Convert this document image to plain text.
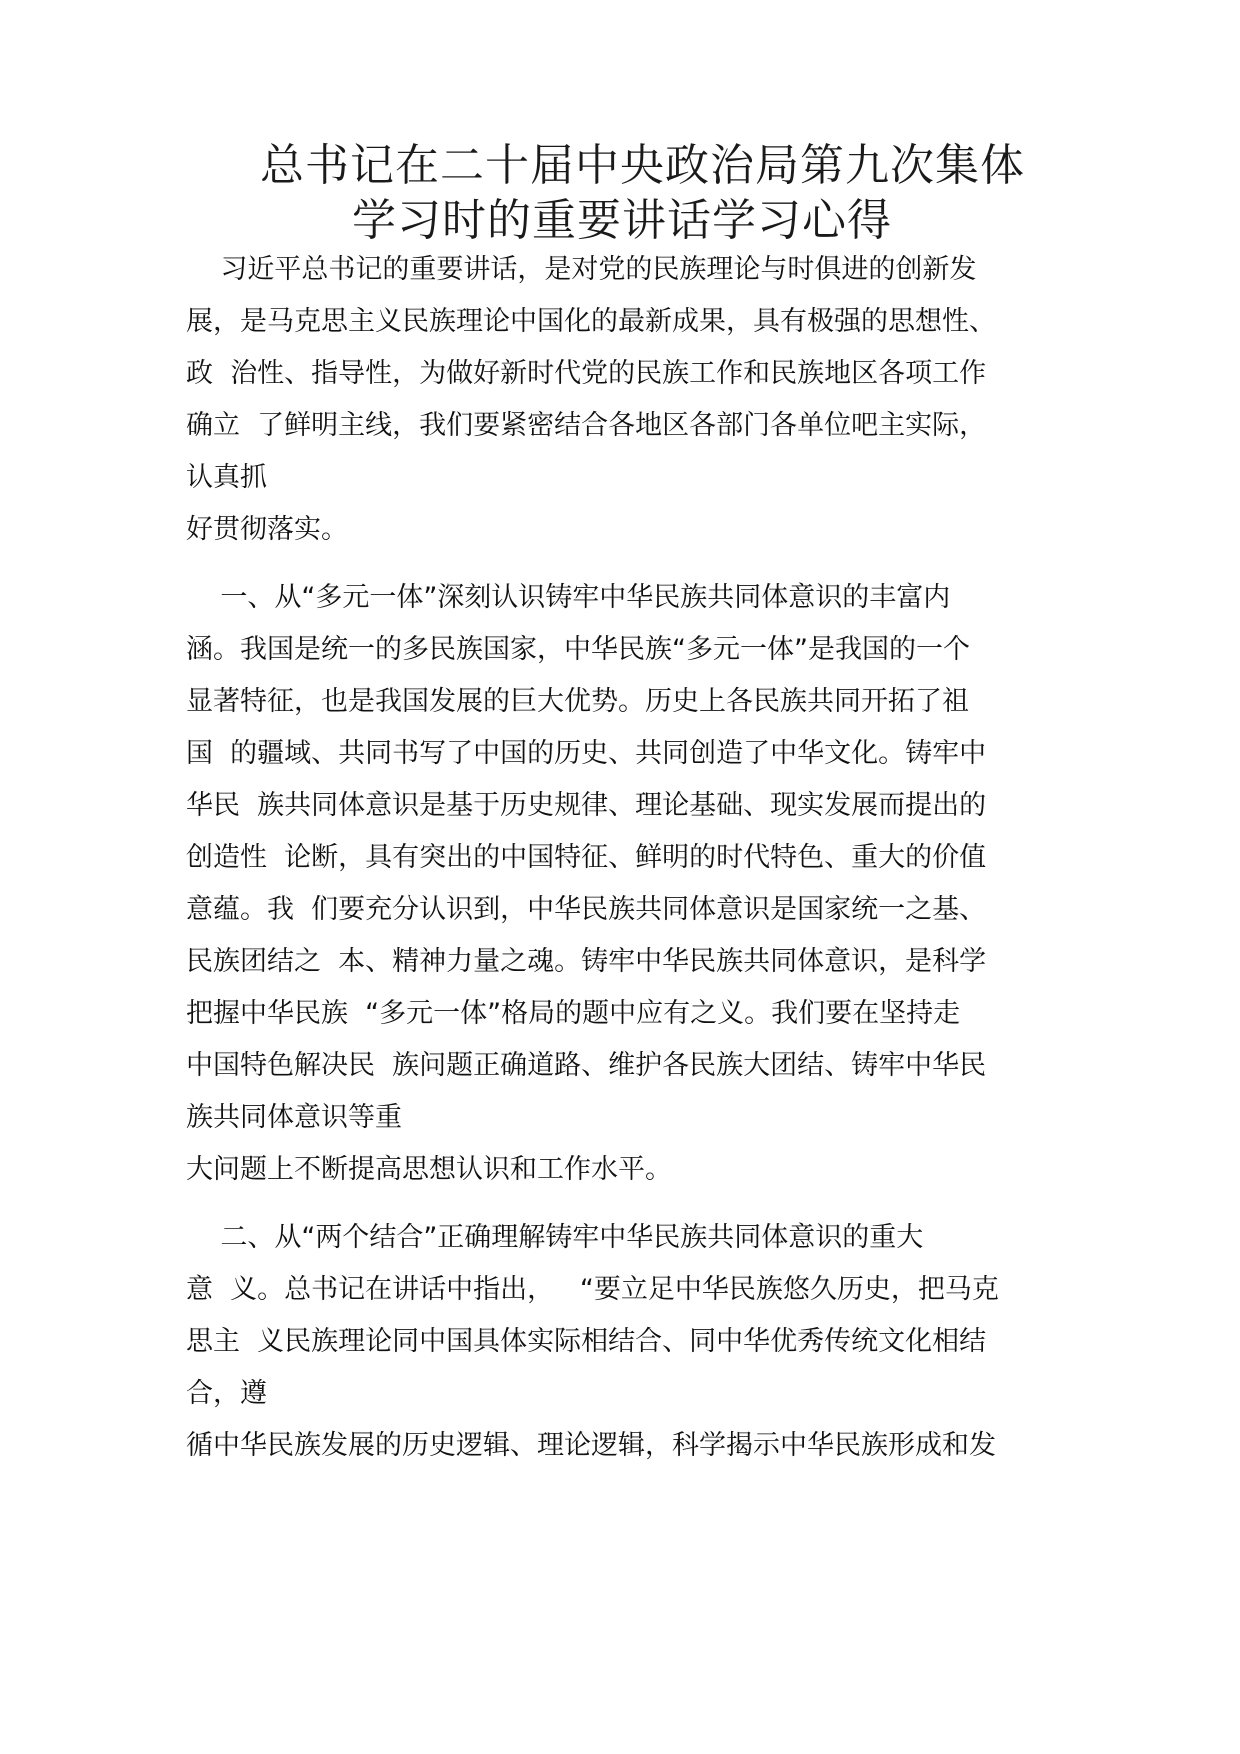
总书记在二十届中央政治局第九次集体
学习时的重要讲话学习心得
习近平总书记的重要讲话，是对党的民族理论与时俱进的创新发
展，是马克思主义民族理论中国化的最新成果，具有极强的思想性、
政  治性、指导性，为做好新时代党的民族工作和民族地区各项工作
确立  了鲜明主线，我们要紧密结合各地区各部门各单位吧主实际，
认真抓
好贯彻落实。
一、从“多元一体”深刻认识铸牢中华民族共同体意识的丰富内
涵。我国是统一的多民族国家，中华民族“多元一体”是我国的一个
显著特征，也是我国发展的巨大优势。历史上各民族共同开拓了祖
国  的疆域、共同书写了中国的历史、共同创造了中华文化。铸牢中
华民  族共同体意识是基于历史规律、理论基础、现实发展而提出的
创造性  论断，具有突出的中国特征、鲜明的时代特色、重大的价值
意蕴。我  们要充分认识到，中华民族共同体意识是国家统一之基、
民族团结之  本、精神力量之魂。铸牢中华民族共同体意识，是科学
把握中华民族  “多元一体”格局的题中应有之义。我们要在坚持走
中国特色解决民  族问题正确道路、维护各民族大团结、铸牢中华民
族共同体意识等重
大问题上不断提高思想认识和工作水平。
二、从“两个结合”正确理解铸牢中华民族共同体意识的重大
意  义。总书记在讲话中指出，   “要立足中华民族悠久历史，把马克
思主  义民族理论同中国具体实际相结合、同中华优秀传统文化相结
合，遵
循中华民族发展的历史逻辑、理论逻辑，科学揭示中华民族形成和发
